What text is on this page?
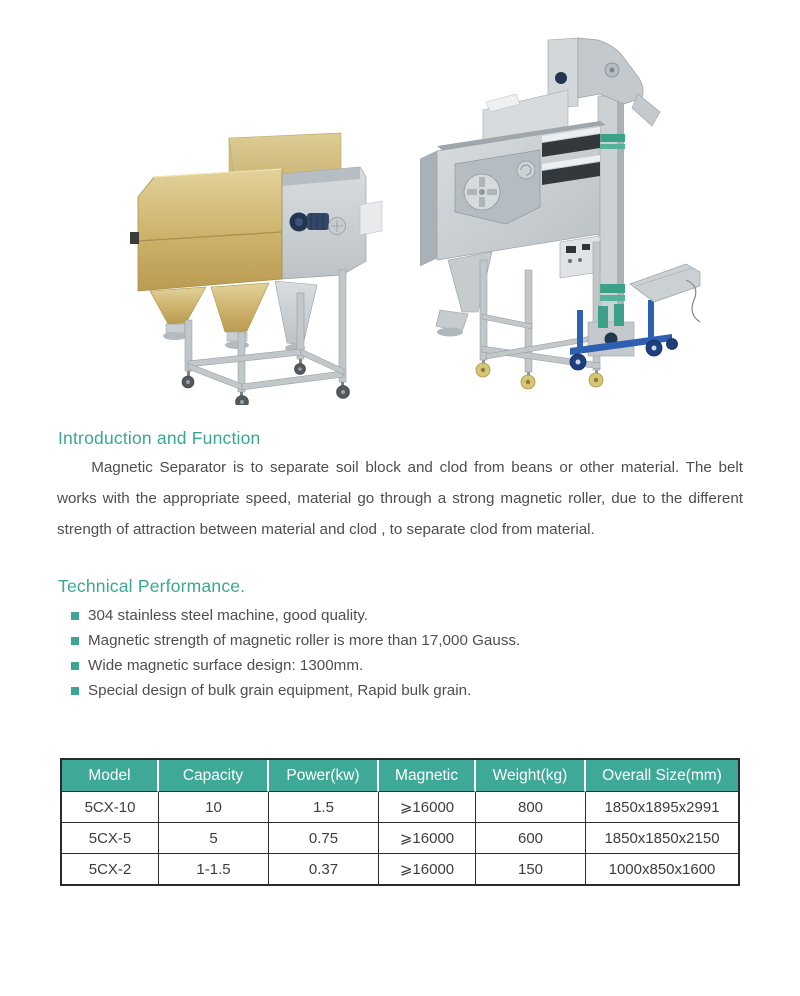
Introduction and Function

Magnetic Separator is to separate soil block and clod from beans or other material. The belt works with the appropriate speed, material go through a strong magnetic roller, due to the different strength of attraction between material and clod , to separate clod from material.

Technical Performance.
304 stainless steel machine, good quality.
Magnetic strength of magnetic roller is more than 17,000 Gauss.
Wide magnetic surface design: 1300mm.
Special design of bulk grain equipment, Rapid bulk grain.
Model	Capacity	Power(kw)	Magnetic	Weight(kg)	Overall Size(mm)
5CX-10	10	1.5	⩾16000	800	1850x1895x2991
5CX-5	5	0.75	⩾16000	600	1850x1850x2150
5CX-2	1-1.5	0.37	⩾16000	150	1000x850x1600
